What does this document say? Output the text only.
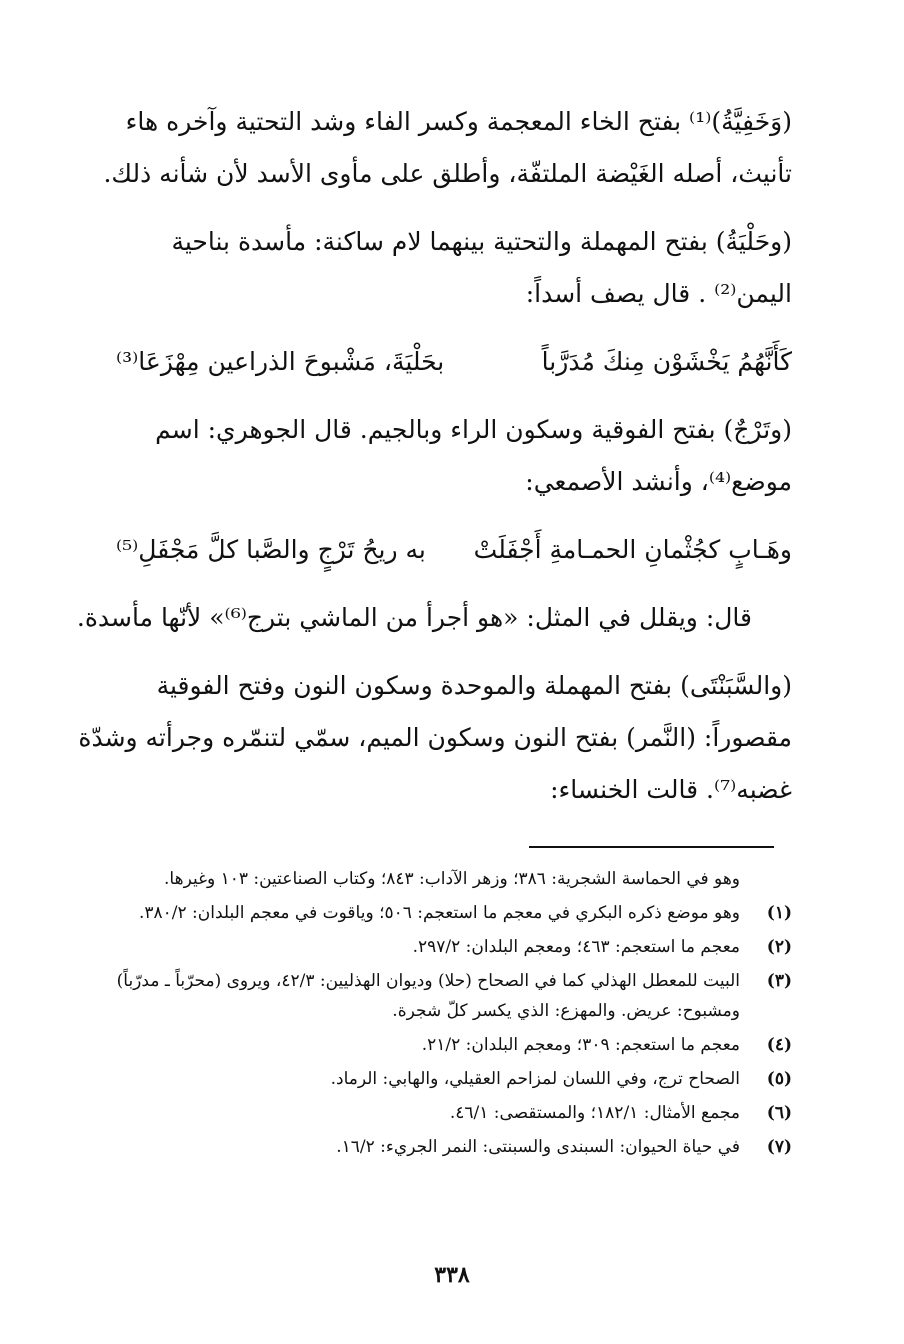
(وَخَفِيَّةُ)⁽¹⁾ بفتح الخاء المعجمة وكسر الفاء وشد التحتية وآخره هاء
تأنيث، أصله الغَيْضة الملتفّة، وأطلق على مأوى الأسد لأن شأنه ذلك.

(وحَلْيَةُ) بفتح المهملة والتحتية بينهما لام ساكنة: مأسدة بناحية
اليمن⁽²⁾ . قال يصف أسداً:

كَأَنَّهُمُ يَخْشَوْن مِنكَ مُدَرَّباً
بحَلْيَةَ، مَشْبوحَ الذراعين مِهْزَعَا⁽³⁾

(وتَرْجٌ) بفتح الفوقية وسكون الراء وبالجيم. قال الجوهري: اسم
موضع⁽⁴⁾، وأنشد الأصمعي:

وهَـابٍ كجُثْمانِ الحمـامةِ أَجْفَلَتْ
به ريحُ تَرْجٍ والصَّبا كلَّ مَجْفَلِ⁽⁵⁾
قال: ويقلل في المثل: «هو أجرأ من الماشي بترج⁽⁶⁾» لأنّها مأسدة.

(والسَّبَنْتَى) بفتح المهملة والموحدة وسكون النون وفتح الفوقية
مقصوراً: (النَّمر) بفتح النون وسكون الميم، سمّي لتنمّره وجرأته وشدّة
غضبه⁽⁷⁾. قالت الخنساء:

وهو في الحماسة الشجرية: ٣٨٦؛ وزهر الآداب: ٨٤٣؛ وكتاب الصناعتين: ١٠٣ وغيرها.
(١)
وهو موضع ذكره البكري في معجم ما استعجم: ٥٠٦؛ وياقوت في معجم البلدان: ٣٨٠/٢.
(٢)
معجم ما استعجم: ٤٦٣؛ ومعجم البلدان: ٢٩٧/٢.
(٣)
البيت للمعطل الهذلي كما في الصحاح (حلا) وديوان الهذليين: ٤٢/٣، ويروى (محرّباً ـ مدرّباً) ومشبوح: عريض. والمهزع: الذي يكسر كلّ شجرة.
(٤)
معجم ما استعجم: ٣٠٩؛ ومعجم البلدان: ٢١/٢.
(٥)
الصحاح ترج، وفي اللسان لمزاحم العقيلي، والهابي: الرماد.
(٦)
مجمع الأمثال: ١٨٢/١؛ والمستقصى: ٤٦/١.
(٧)
في حياة الحيوان: السبندى والسبنتى: النمر الجريء: ١٦/٢.
٣٣٨
